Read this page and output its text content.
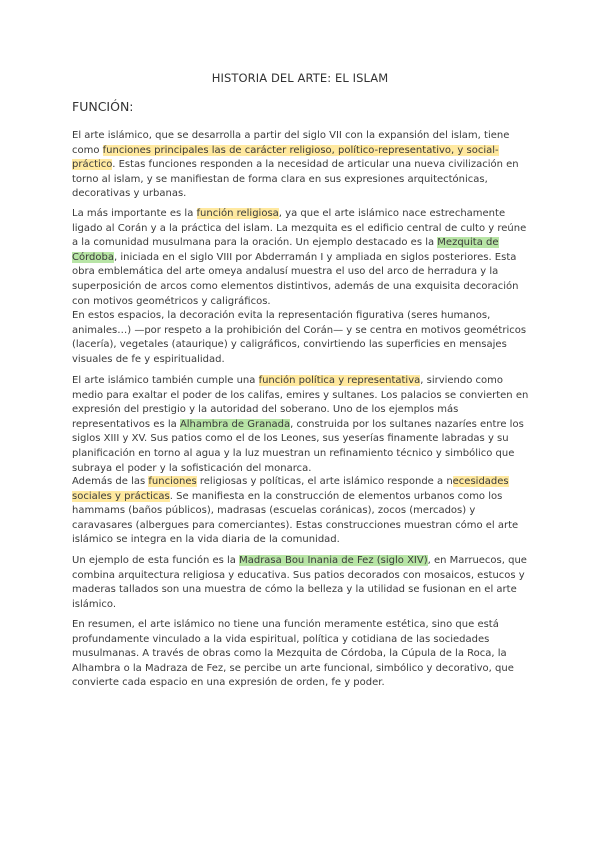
HISTORIA DEL ARTE: EL ISLAM
FUNCIÓN:

El arte islámico, que se desarrolla a partir del siglo VII con la expansión del islam, tiene como funciones principales las de carácter religioso, político-representativo, y social-práctico. Estas funciones responden a la necesidad de articular una nueva civilización en torno al islam, y se manifiestan de forma clara en sus expresiones arquitectónicas, decorativas y urbanas.

La más importante es la función religiosa, ya que el arte islámico nace estrechamente ligado al Corán y a la práctica del islam. La mezquita es el edificio central de culto y reúne a la comunidad musulmana para la oración. Un ejemplo destacado es la Mezquita de Córdoba, iniciada en el siglo VIII por Abderramán I y ampliada en siglos posteriores. Esta obra emblemática del arte omeya andalusí muestra el uso del arco de herradura y la superposición de arcos como elementos distintivos, además de una exquisita decoración con motivos geométricos y caligráficos.

En estos espacios, la decoración evita la representación figurativa (seres humanos, animales…) —por respeto a la prohibición del Corán— y se centra en motivos geométricos (lacería), vegetales (ataurique) y caligráficos, convirtiendo las superficies en mensajes visuales de fe y espiritualidad.

El arte islámico también cumple una función política y representativa, sirviendo como medio para exaltar el poder de los califas, emires y sultanes. Los palacios se convierten en expresión del prestigio y la autoridad del soberano. Uno de los ejemplos más representativos es la Alhambra de Granada, construida por los sultanes nazaríes entre los siglos XIII y XV. Sus patios como el de los Leones, sus yeserías finamente labradas y su planificación en torno al agua y la luz muestran un refinamiento técnico y simbólico que subraya el poder y la sofisticación del monarca.

Además de las funciones religiosas y políticas, el arte islámico responde a necesidades sociales y prácticas. Se manifiesta en la construcción de elementos urbanos como los hammams (baños públicos), madrasas (escuelas coránicas), zocos (mercados) y caravasares (albergues para comerciantes). Estas construcciones muestran cómo el arte islámico se integra en la vida diaria de la comunidad.

Un ejemplo de esta función es la Madrasa Bou Inania de Fez (siglo XIV), en Marruecos, que combina arquitectura religiosa y educativa. Sus patios decorados con mosaicos, estucos y maderas tallados son una muestra de cómo la belleza y la utilidad se fusionan en el arte islámico.

En resumen, el arte islámico no tiene una función meramente estética, sino que está profundamente vinculado a la vida espiritual, política y cotidiana de las sociedades musulmanas. A través de obras como la Mezquita de Córdoba, la Cúpula de la Roca, la Alhambra o la Madraza de Fez, se percibe un arte funcional, simbólico y decorativo, que convierte cada espacio en una expresión de orden, fe y poder.
